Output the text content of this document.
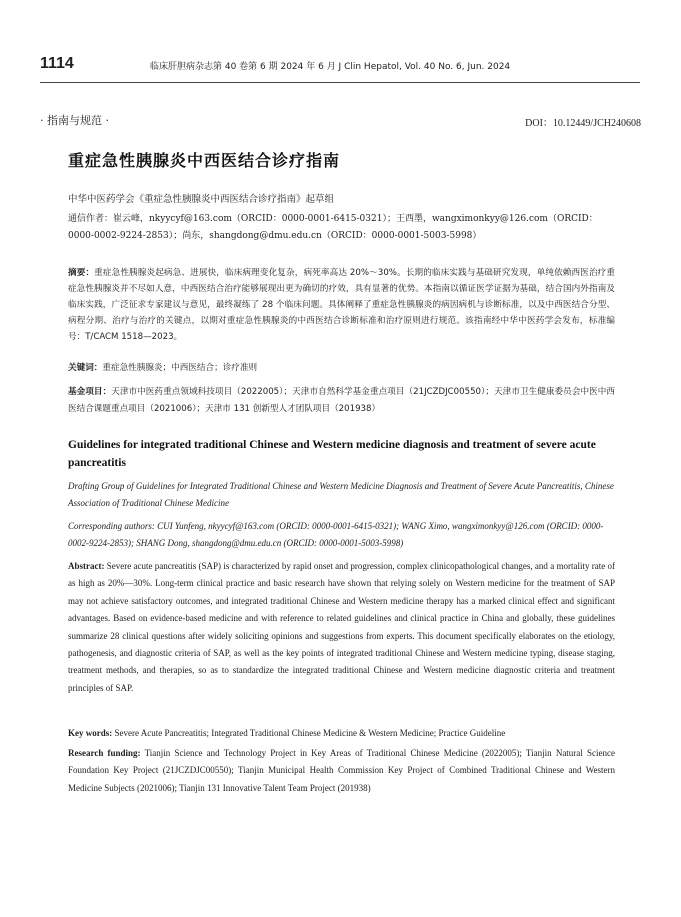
1114	临床肝胆病杂志第 40 卷第 6 期 2024 年 6 月 J Clin Hepatol, Vol. 40 No. 6, Jun. 2024
· 指南与规范 ·	DOI：10.12449/JCH240608
重症急性胰腺炎中西医结合诊疗指南
中华中医药学会《重症急性胰腺炎中西医结合诊疗指南》起草组
通信作者：崔云峰，nkyycyf@163.com（ORCID：0000-0001-6415-0321）；王西墨，wangximonkyy@126.com（ORCID：0000-0002-9224-2853）；尚东，shangdong@dmu.edu.cn（ORCID：0000-0001-5003-5998）
摘要：重症急性胰腺炎起病急、进展快，临床病理变化复杂，病死率高达 20%～30%。长期的临床实践与基础研究发现，单纯依赖西医治疗重症急性胰腺炎并不尽如人意，中西医结合治疗能够展现出更为确切的疗效，具有显著的优势。本指南以循证医学证据为基础，结合国内外指南及临床实践，广泛征求专家建议与意见，最终凝练了 28 个临床问题。具体阐释了重症急性胰腺炎的病因病机与诊断标准，以及中西医结合分型、病程分期、治疗与治疗的关键点，以期对重症急性胰腺炎的中西医结合诊断标准和治疗原则进行规范。该指南经中华中医药学会发布，标准编号：T/CACM 1518—2023。
关键词：重症急性胰腺炎；中西医结合；诊疗准则
基金项目：天津市中医药重点领域科技项目（2022005）；天津市自然科学基金重点项目（21JCZDJC00550）；天津市卫生健康委员会中医中西医结合课题重点项目（2021006）；天津市 131 创新型人才团队项目（201938）
Guidelines for integrated traditional Chinese and Western medicine diagnosis and treatment of severe acute pancreatitis
Drafting Group of Guidelines for Integrated Traditional Chinese and Western Medicine Diagnosis and Treatment of Severe Acute Pancreatitis, Chinese Association of Traditional Chinese Medicine
Corresponding authors: CUI Yunfeng, nkyycyf@163.com (ORCID: 0000-0001-6415-0321); WANG Ximo, wangximonkyy@126.com (ORCID: 0000-0002-9224-2853); SHANG Dong, shangdong@dmu.edu.cn (ORCID: 0000-0001-5003-5998)
Abstract: Severe acute pancreatitis (SAP) is characterized by rapid onset and progression, complex clinicopathological changes, and a mortality rate of as high as 20%—30%. Long-term clinical practice and basic research have shown that relying solely on Western medicine for the treatment of SAP may not achieve satisfactory outcomes, and integrated traditional Chinese and Western medicine therapy has a marked clinical effect and significant advantages. Based on evidence-based medicine and with reference to related guidelines and clinical practice in China and globally, these guidelines summarize 28 clinical questions after widely soliciting opinions and suggestions from experts. This document specifically elaborates on the etiology, pathogenesis, and diagnostic criteria of SAP, as well as the key points of integrated traditional Chinese and Western medicine typing, disease staging, treatment methods, and therapies, so as to standardize the integrated traditional Chinese and Western medicine diagnostic criteria and treatment principles of SAP.
Key words: Severe Acute Pancreatitis; Integrated Traditional Chinese Medicine & Western Medicine; Practice Guideline
Research funding: Tianjin Science and Technology Project in Key Areas of Traditional Chinese Medicine (2022005); Tianjin Natural Science Foundation Key Project (21JCZDJC00550); Tianjin Municipal Health Commission Key Project of Combined Traditional Chinese and Western Medicine Subjects (2021006); Tianjin 131 Innovative Talent Team Project (201938)
